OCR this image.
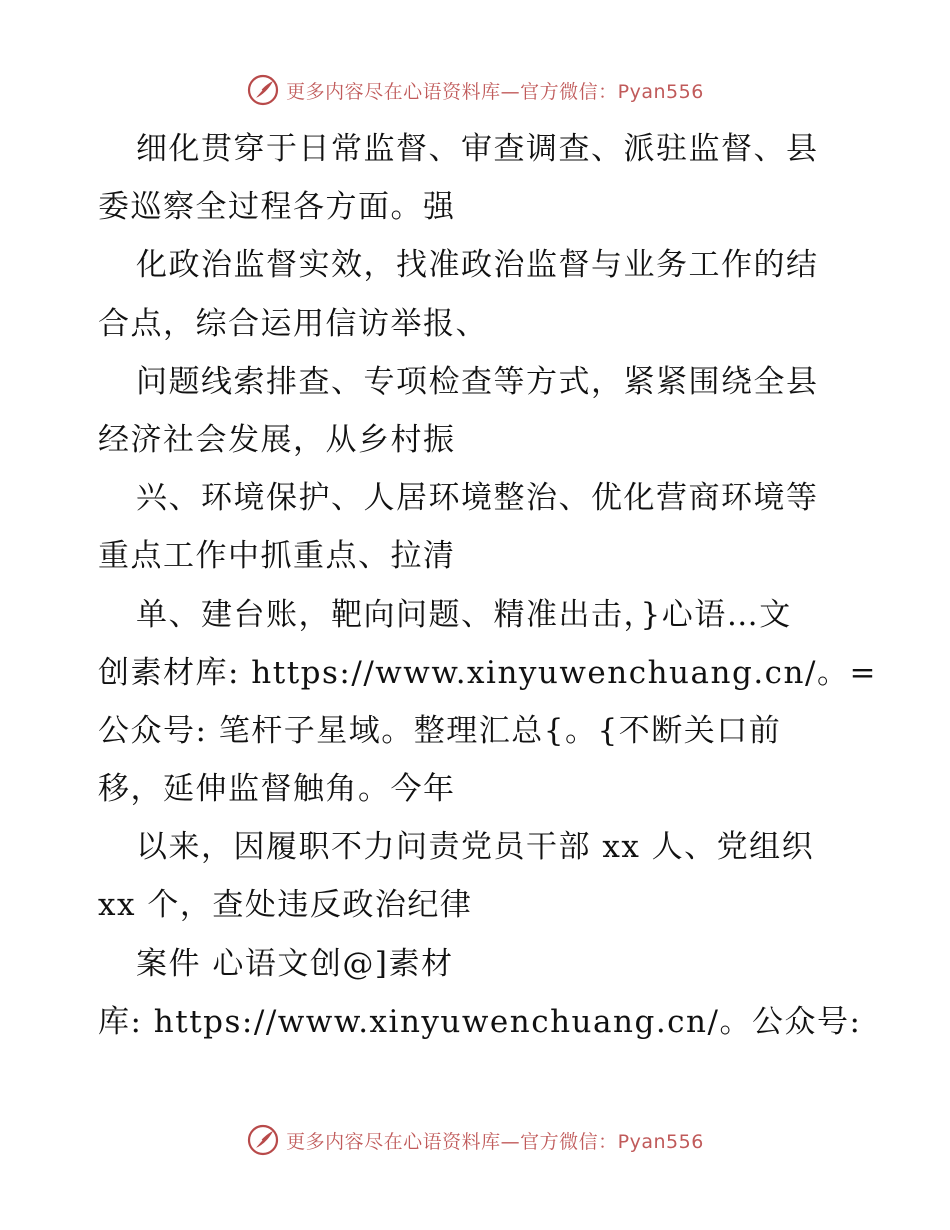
更多内容尽在心语资料库—官方微信：Pyan556
细化贯穿于日常监督、审查调查、派驻监督、县
委巡察全过程各方面。强
化政治监督实效，找准政治监督与业务工作的结
合点，综合运用信访举报、
问题线索排查、专项检查等方式，紧紧围绕全县
经济社会发展，从乡村振
兴、环境保护、人居环境整治、优化营商环境等
重点工作中抓重点、拉清
单、建台账，靶向问题、精准出击，}心语…文
创素材库: https://www.xinyuwenchuang.cn/。=
公众号: 笔杆子星域。整理汇总{。{不断关口前
移，延伸监督触角。今年
以来，因履职不力问责党员干部 xx 人、党组织
xx 个，查处违反政治纪律
案件 心语文创@]素材
库: https://www.xinyuwenchuang.cn/。公众号:
更多内容尽在心语资料库—官方微信：Pyan556
